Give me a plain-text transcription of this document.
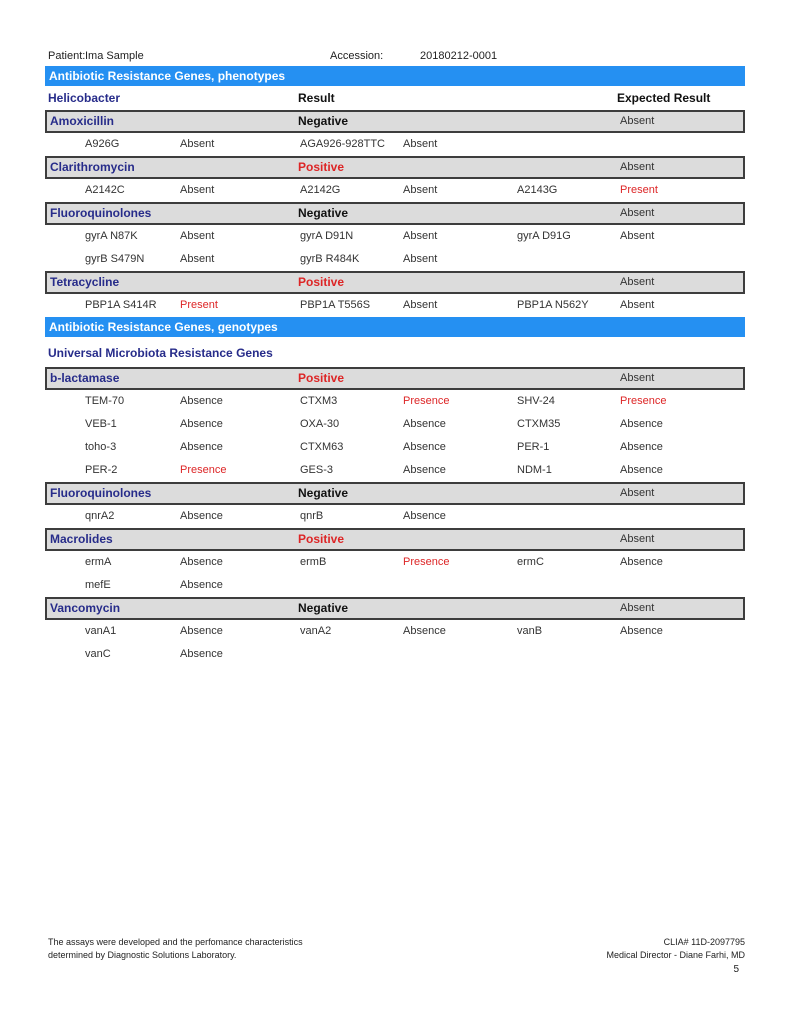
Patient: Ima Sample	Accession:	20180212-0001
Antibiotic Resistance Genes, phenotypes
Helicobacter	Result	Expected Result
Amoxicillin	Negative	Absent
A926G	Absent	AGA926-928TTC Absent
Clarithromycin	Positive	Absent
A2142C	Absent	A2142G	Absent	A2143G	Present
Fluoroquinolones	Negative	Absent
gyrA N87K	Absent	gyrA D91N	Absent	gyrA D91G	Absent
gyrB S479N	Absent	gyrB R484K	Absent
Tetracycline	Positive	Absent
PBP1A S414R Present	PBP1A T556S	Absent	PBP1A N562Y	Absent
Antibiotic Resistance Genes, genotypes
Universal Microbiota Resistance Genes
b-lactamase	Positive	Absent
TEM-70	Absence	CTXM3	Presence	SHV-24	Presence
VEB-1	Absence	OXA-30	Absence	CTXM35	Absence
toho-3	Absence	CTXM63	Absence	PER-1	Absence
PER-2	Presence	GES-3	Absence	NDM-1	Absence
Fluoroquinolones	Negative	Absent
qnrA2	Absence	qnrB	Absence
Macrolides	Positive	Absent
ermA	Absence	ermB	Presence	ermC	Absence
mefE	Absence
Vancomycin	Negative	Absent
vanA1	Absence	vanA2	Absence	vanB	Absence
vanC	Absence
The assays were developed and the perfomance characteristics
determined by Diagnostic Solutions Laboratory.
CLIA# 11D-2097795
Medical Director - Diane Farhi, MD
5
